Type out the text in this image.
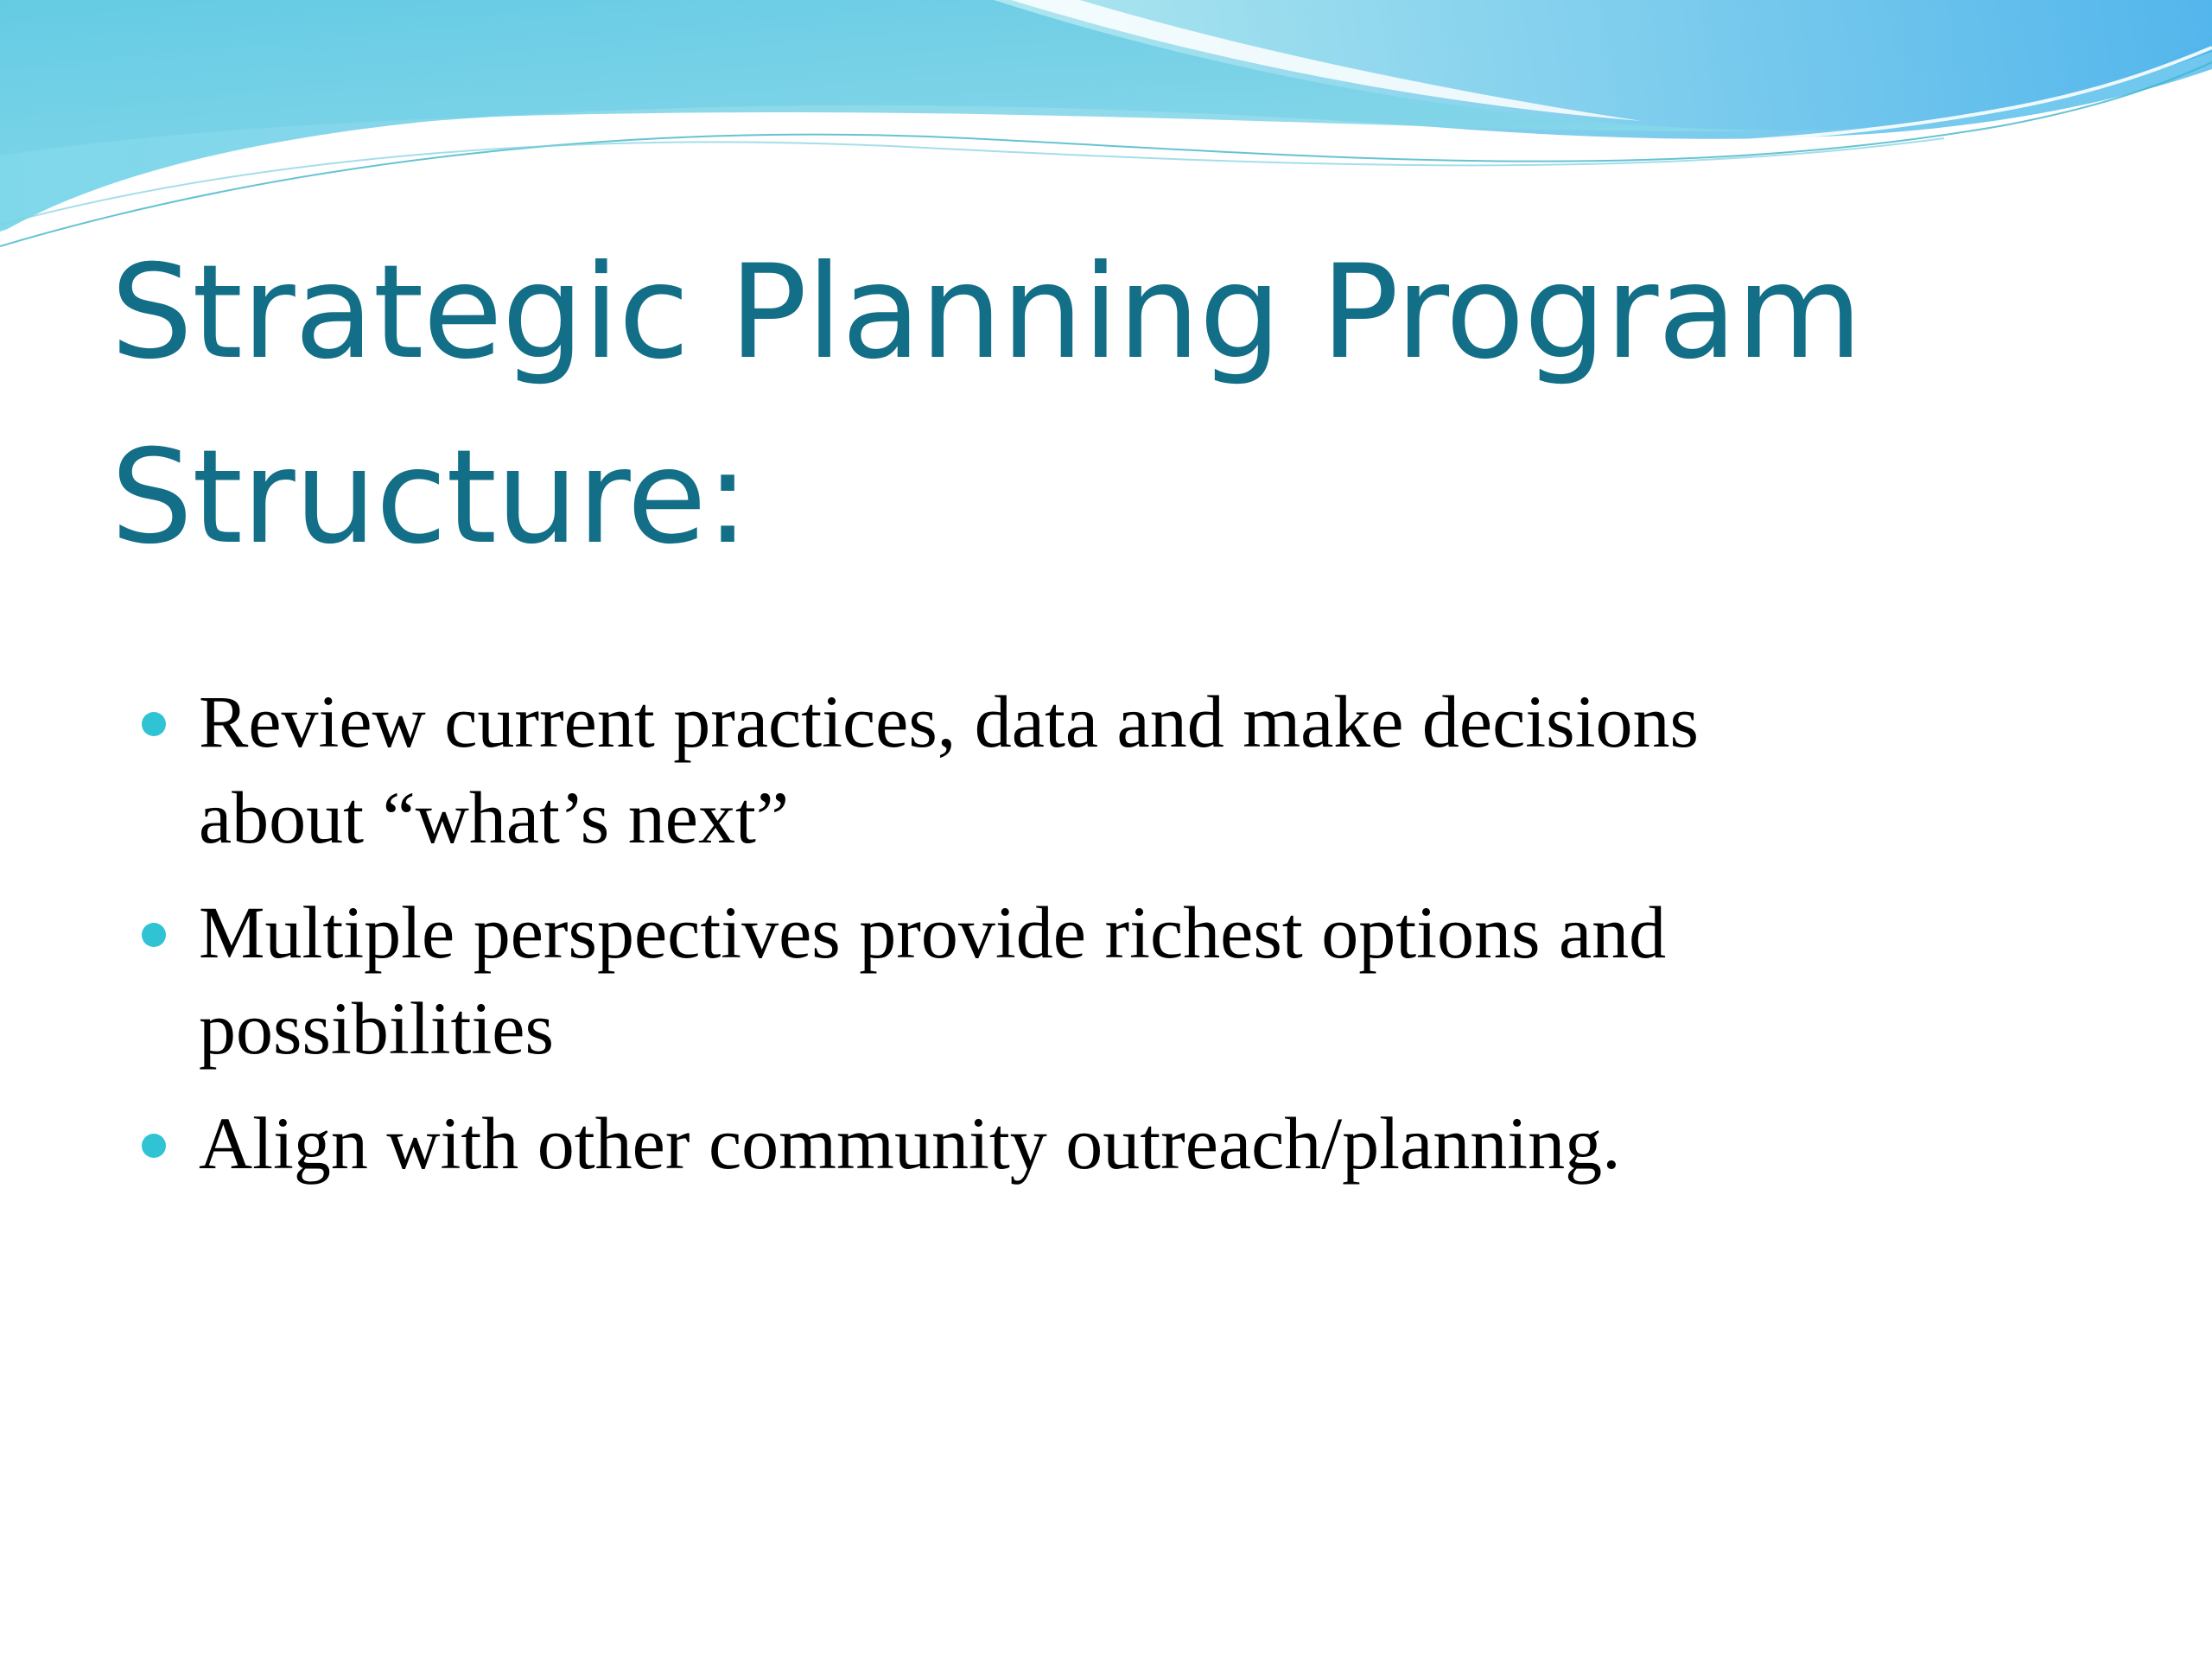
Strategic Planning Program
Structure:
Review current practices, data and make decisions
about “what’s next”
Multiple perspectives provide richest options and
possibilities
Align with other community outreach/planning.
